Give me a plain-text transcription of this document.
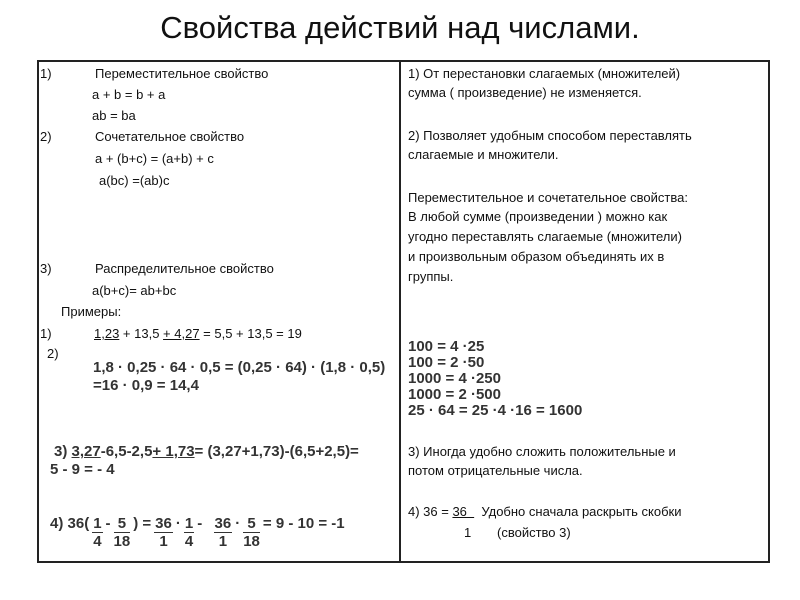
Свойства действий над числами.
1)	Переместительное свойство
a + b = b + a
ab = ba
2)	Сочетательное свойство
a + (b+c) = (a+b) + c
a(bc) =(ab)c
3)	Распределительное свойство
a(b+c)= ab+bc
Примеры:
1)	1,23 + 13,5 + 4,27 = 5,5 + 13,5 = 19
2)
1,8 · 0,25 · 64 · 0,5 = (0,25 · 64) · (1,8 · 0,5)
=16 · 0,9 = 14,4
3) 3,27-6,5-2,5+ 1,73= (3,27+1,73)-(6,5+2,5)=
5 - 9 = - 4
4) $36( \frac{1}{4} - \frac{5}{18}$ ) = $\frac{36}{1} \cdot \frac{1}{4} - \frac{36}{1} \cdot \frac{5}{18} = 9 - 10 = -1$
1) От перестановки слагаемых (множителей)
сумма ( произведение) не изменяется.
2) Позволяет удобным способом переставлять
слагаемые и множители.
Переместительное и сочетательное свойства:
В любой сумме (произведении ) можно как
угодно переставлять слагаемые (множители)
и произвольным образом объединять их в
группы.
100 = 4 ·25
100 = 2 ·50
1000 = 4 ·250
1000 = 2 ·500
25 · 64 = 25 ·4 ·16 = 1600
3) Иногда удобно сложить положительные и
потом отрицательные числа.
4) 36 = 36    Удобно сначала раскрыть скобки
1 (свойство 3)
